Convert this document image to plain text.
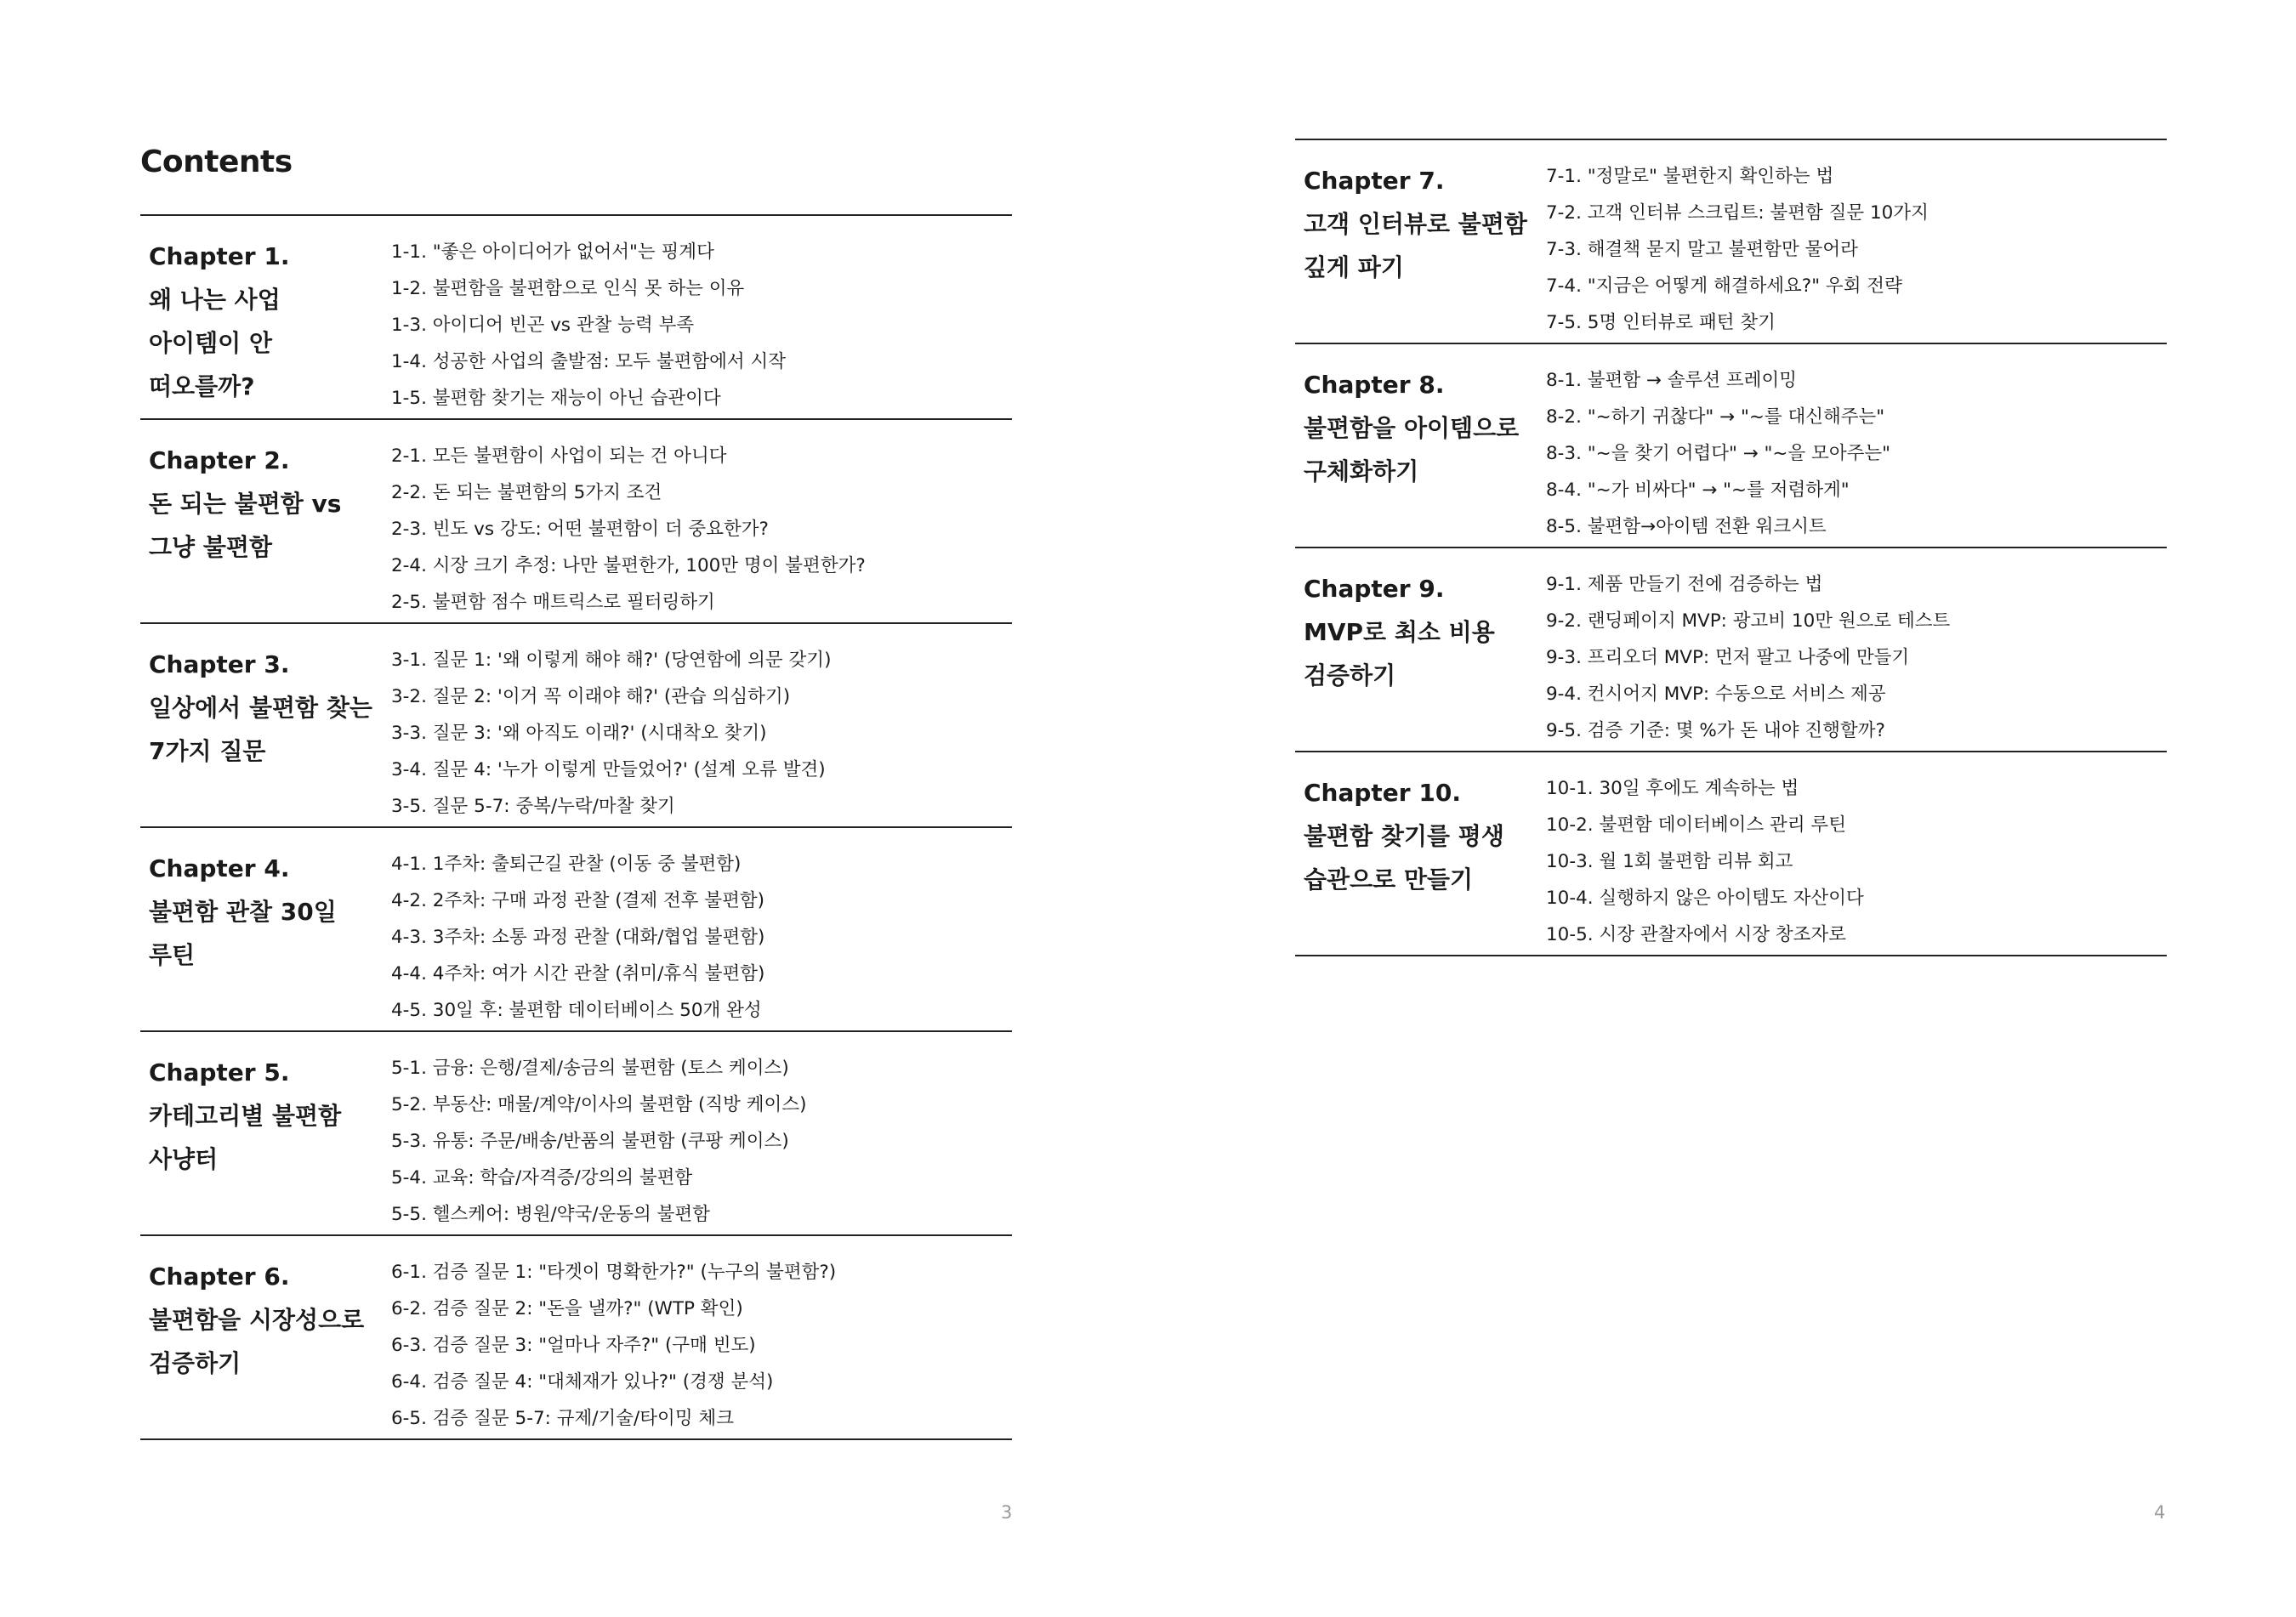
Contents
Chapter 1.
왜 나는 사업 아이템이 안 떠오를까?
1-1. "좋은 아이디어가 없어서"는 핑계다
1-2. 불편함을 불편함으로 인식 못 하는 이유
1-3. 아이디어 빈곤 vs 관찰 능력 부족
1-4. 성공한 사업의 출발점: 모두 불편함에서 시작
1-5. 불편함 찾기는 재능이 아닌 습관이다
Chapter 2.
돈 되는 불편함 vs 그냥 불편함
2-1. 모든 불편함이 사업이 되는 건 아니다
2-2. 돈 되는 불편함의 5가지 조건
2-3. 빈도 vs 강도: 어떤 불편함이 더 중요한가?
2-4. 시장 크기 추정: 나만 불편한가, 100만 명이 불편한가?
2-5. 불편함 점수 매트릭스로 필터링하기
Chapter 3.
일상에서 불편함 찾는 7가지 질문
3-1. 질문 1: '왜 이렇게 해야 해?' (당연함에 의문 갖기)
3-2. 질문 2: '이거 꼭 이래야 해?' (관습 의심하기)
3-3. 질문 3: '왜 아직도 이래?' (시대착오 찾기)
3-4. 질문 4: '누가 이렇게 만들었어?' (설계 오류 발견)
3-5. 질문 5-7: 중복/누락/마찰 찾기
Chapter 4.
불편함 관찰 30일 루틴
4-1. 1주차: 출퇴근길 관찰 (이동 중 불편함)
4-2. 2주차: 구매 과정 관찰 (결제 전후 불편함)
4-3. 3주차: 소통 과정 관찰 (대화/협업 불편함)
4-4. 4주차: 여가 시간 관찰 (취미/휴식 불편함)
4-5. 30일 후: 불편함 데이터베이스 50개 완성
Chapter 5.
카테고리별 불편함 사냥터
5-1. 금융: 은행/결제/송금의 불편함 (토스 케이스)
5-2. 부동산: 매물/계약/이사의 불편함 (직방 케이스)
5-3. 유통: 주문/배송/반품의 불편함 (쿠팡 케이스)
5-4. 교육: 학습/자격증/강의의 불편함
5-5. 헬스케어: 병원/약국/운동의 불편함
Chapter 6.
불편함을 시장성으로 검증하기
6-1. 검증 질문 1: "타겟이 명확한가?" (누구의 불편함?)
6-2. 검증 질문 2: "돈을 낼까?" (WTP 확인)
6-3. 검증 질문 3: "얼마나 자주?" (구매 빈도)
6-4. 검증 질문 4: "대체재가 있나?" (경쟁 분석)
6-5. 검증 질문 5-7: 규제/기술/타이밍 체크
3
Chapter 7.
고객 인터뷰로 불편함 깊게 파기
7-1. "정말로" 불편한지 확인하는 법
7-2. 고객 인터뷰 스크립트: 불편함 질문 10가지
7-3. 해결책 묻지 말고 불편함만 물어라
7-4. "지금은 어떻게 해결하세요?" 우회 전략
7-5. 5명 인터뷰로 패턴 찾기
Chapter 8.
불편함을 아이템으로 구체화하기
8-1. 불편함 → 솔루션 프레이밍
8-2. "~하기 귀찮다" → "~를 대신해주는"
8-3. "~을 찾기 어렵다" → "~을 모아주는"
8-4. "~가 비싸다" → "~를 저렴하게"
8-5. 불편함→아이템 전환 워크시트
Chapter 9.
MVP로 최소 비용 검증하기
9-1. 제품 만들기 전에 검증하는 법
9-2. 랜딩페이지 MVP: 광고비 10만 원으로 테스트
9-3. 프리오더 MVP: 먼저 팔고 나중에 만들기
9-4. 컨시어지 MVP: 수동으로 서비스 제공
9-5. 검증 기준: 몇 %가 돈 내야 진행할까?
Chapter 10.
불편함 찾기를 평생 습관으로 만들기
10-1. 30일 후에도 계속하는 법
10-2. 불편함 데이터베이스 관리 루틴
10-3. 월 1회 불편함 리뷰 회고
10-4. 실행하지 않은 아이템도 자산이다
10-5. 시장 관찰자에서 시장 창조자로
4
